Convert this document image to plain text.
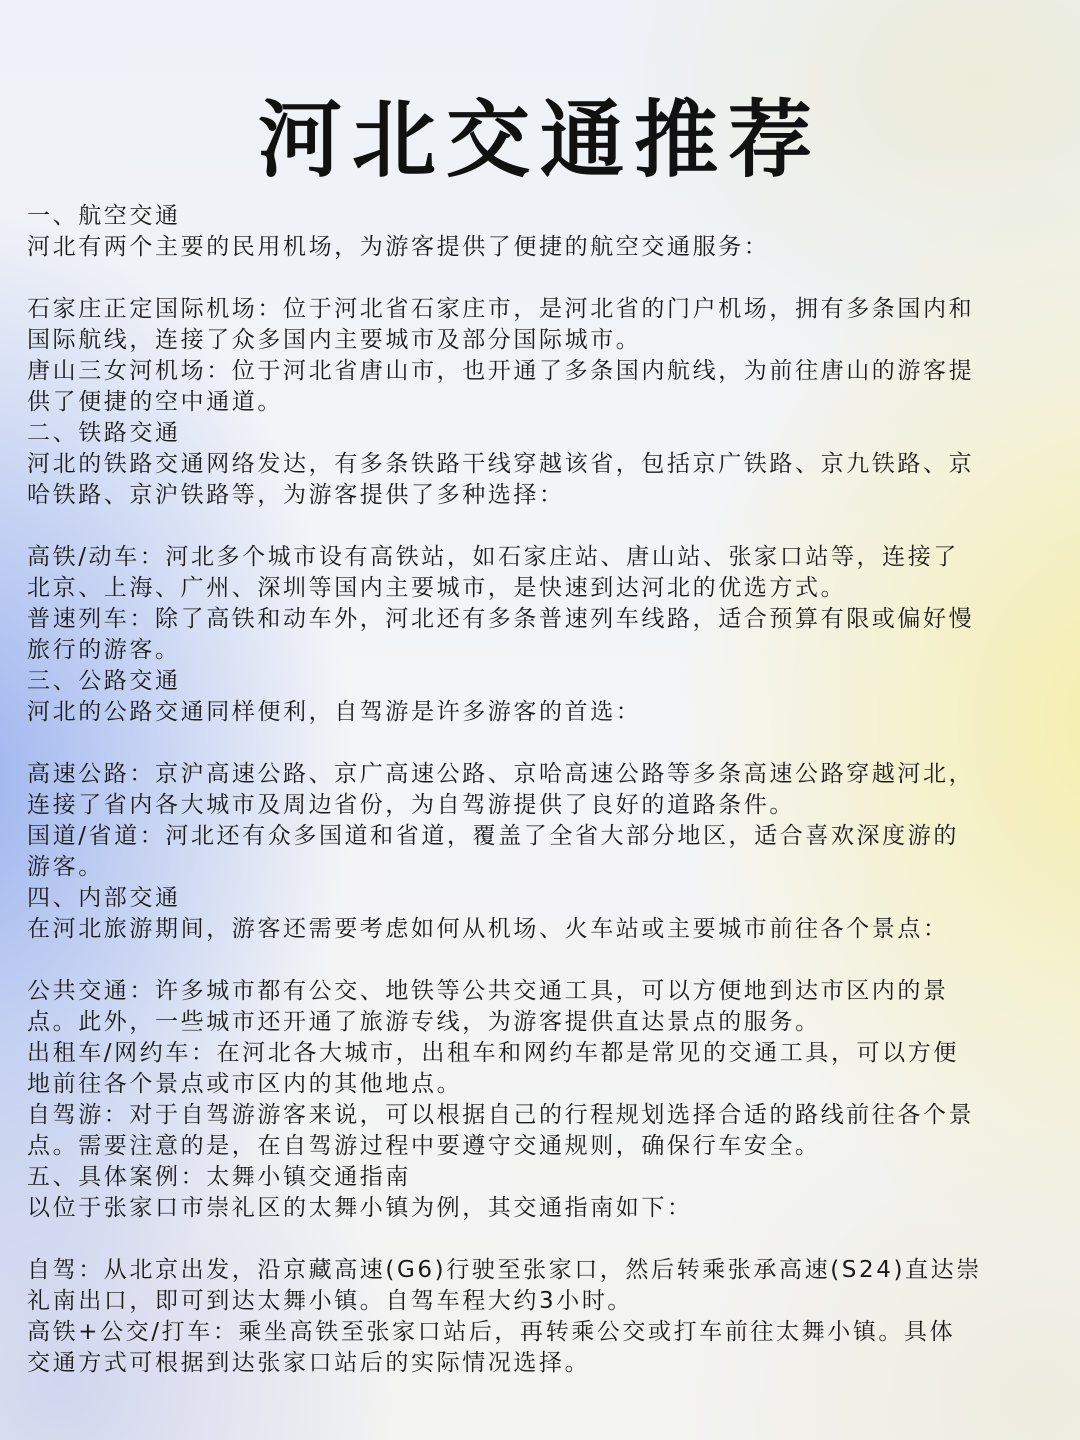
河北交通推荐
一、航空交通
河北有两个主要的民用机场，为游客提供了便捷的航空交通服务：
石家庄正定国际机场：位于河北省石家庄市，是河北省的门户机场，拥有多条国内和
国际航线，连接了众多国内主要城市及部分国际城市。
唐山三女河机场：位于河北省唐山市，也开通了多条国内航线，为前往唐山的游客提
供了便捷的空中通道。
二、铁路交通
河北的铁路交通网络发达，有多条铁路干线穿越该省，包括京广铁路、京九铁路、京
哈铁路、京沪铁路等，为游客提供了多种选择：
高铁/动车：河北多个城市设有高铁站，如石家庄站、唐山站、张家口站等，连接了
北京、上海、广州、深圳等国内主要城市，是快速到达河北的优选方式。
普速列车：除了高铁和动车外，河北还有多条普速列车线路，适合预算有限或偏好慢
旅行的游客。
三、公路交通
河北的公路交通同样便利，自驾游是许多游客的首选：
高速公路：京沪高速公路、京广高速公路、京哈高速公路等多条高速公路穿越河北，
连接了省内各大城市及周边省份，为自驾游提供了良好的道路条件。
国道/省道：河北还有众多国道和省道，覆盖了全省大部分地区，适合喜欢深度游的
游客。
四、内部交通
在河北旅游期间，游客还需要考虑如何从机场、火车站或主要城市前往各个景点：
公共交通：许多城市都有公交、地铁等公共交通工具，可以方便地到达市区内的景
点。此外，一些城市还开通了旅游专线，为游客提供直达景点的服务。
出租车/网约车：在河北各大城市，出租车和网约车都是常见的交通工具，可以方便
地前往各个景点或市区内的其他地点。
自驾游：对于自驾游游客来说，可以根据自己的行程规划选择合适的路线前往各个景
点。需要注意的是，在自驾游过程中要遵守交通规则，确保行车安全。
五、具体案例：太舞小镇交通指南
以位于张家口市崇礼区的太舞小镇为例，其交通指南如下：
自驾：从北京出发，沿京藏高速(G6)行驶至张家口，然后转乘张承高速(S24)直达崇
礼南出口，即可到达太舞小镇。自驾车程大约3小时。
高铁+公交/打车：乘坐高铁至张家口站后，再转乘公交或打车前往太舞小镇。具体
交通方式可根据到达张家口站后的实际情况选择。
